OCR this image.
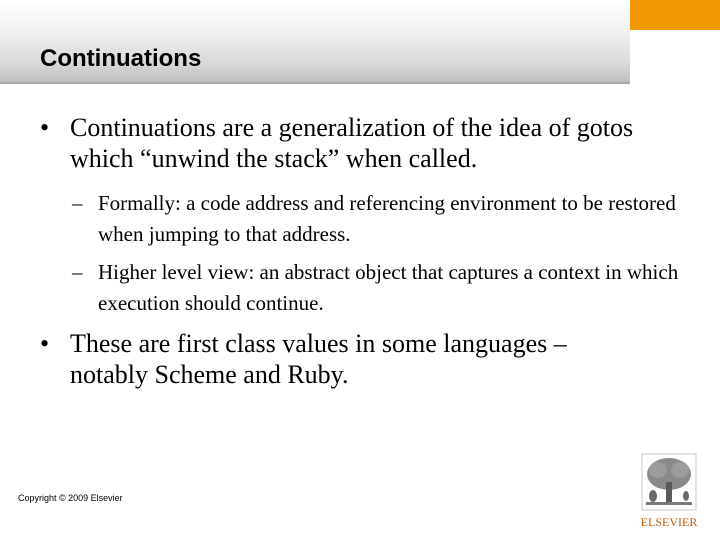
Continuations
• Continuations are a generalization of the idea of gotos which “unwind the stack” when called.
– Formally: a code address and referencing environment to be restored when jumping to that address.
– Higher level view: an abstract object that captures a context in which execution should continue.
• These are first class values in some languages – notably Scheme and Ruby.
Copyright © 2009 Elsevier
ELSEVIER
